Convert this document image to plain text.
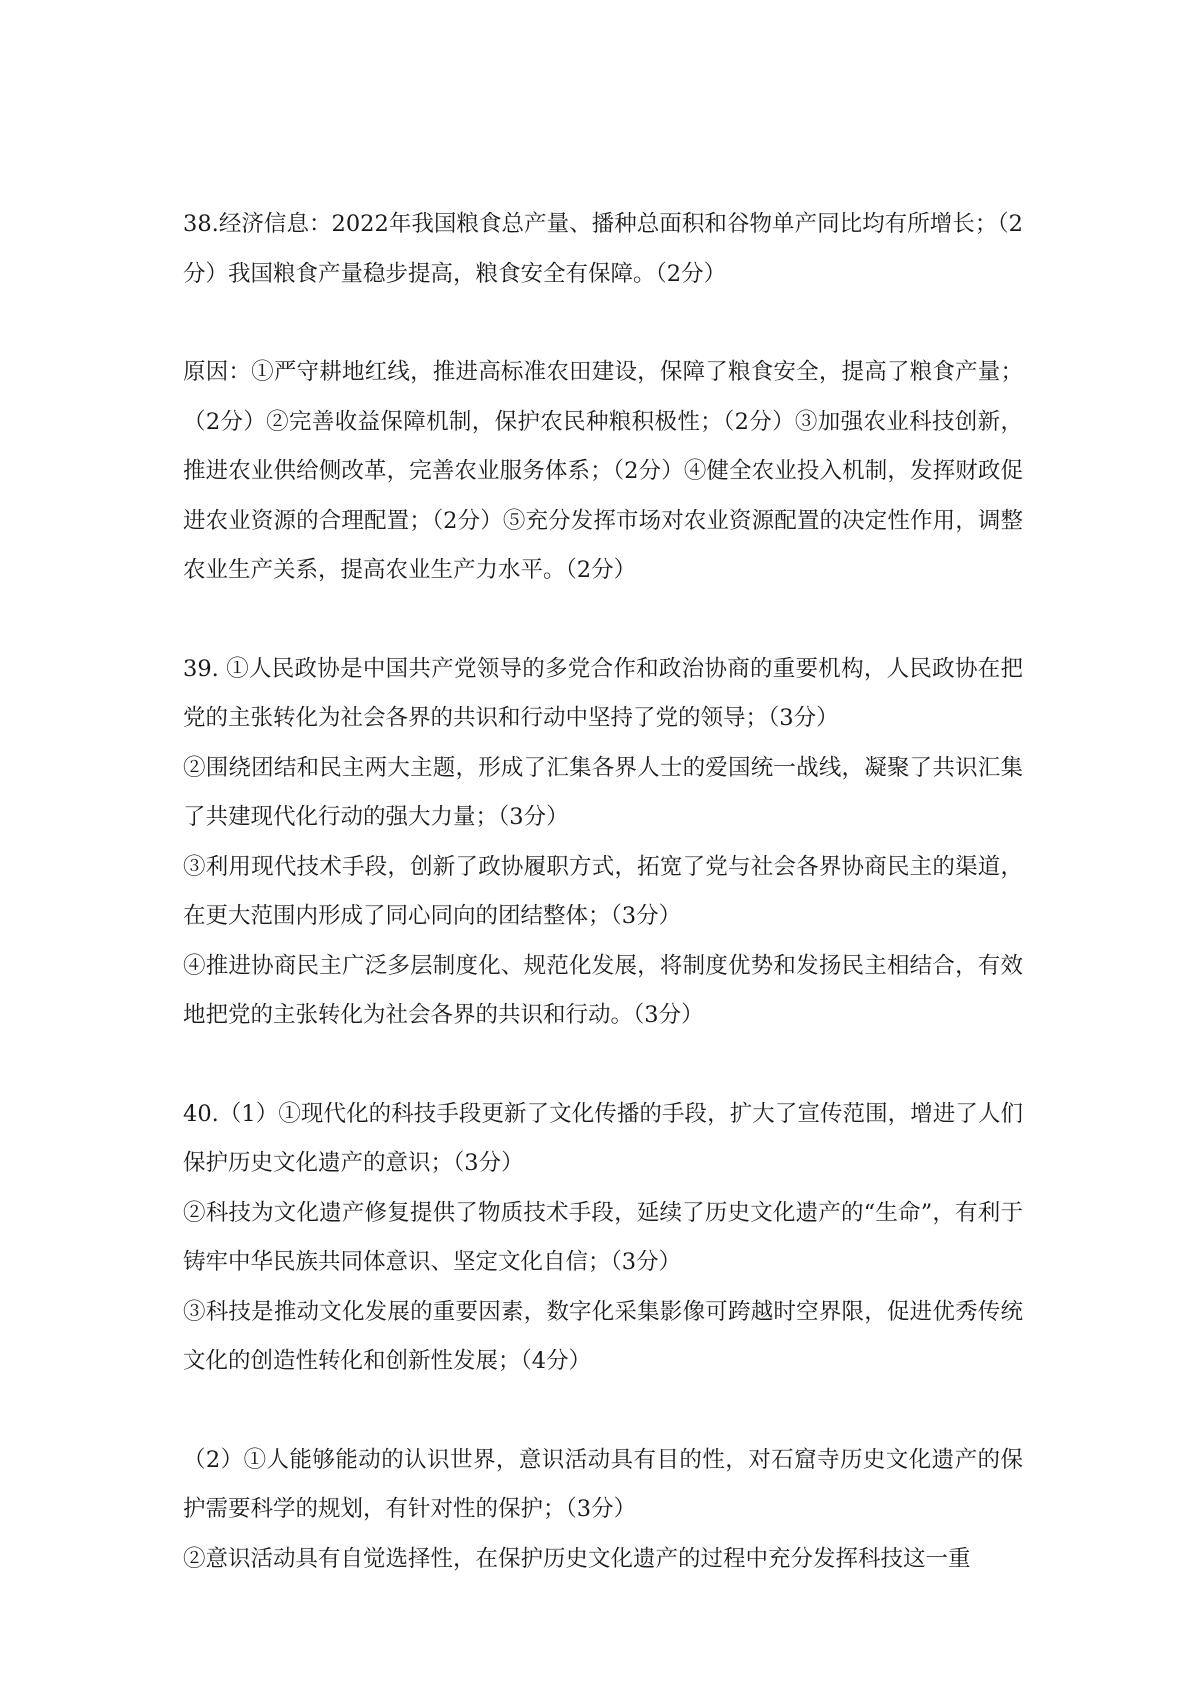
38.经济信息：2022年我国粮食总产量、播种总面积和谷物单产同比均有所增长；（2分）我国粮食产量稳步提高，粮食安全有保障。（2分）

原因：①严守耕地红线，推进高标准农田建设，保障了粮食安全，提高了粮食产量；（2分）②完善收益保障机制，保护农民种粮积极性；（2分）③加强农业科技创新，推进农业供给侧改革，完善农业服务体系；（2分）④健全农业投入机制，发挥财政促进农业资源的合理配置；（2分）⑤充分发挥市场对农业资源配置的决定性作用，调整农业生产关系，提高农业生产力水平。（2分）

39. ①人民政协是中国共产党领导的多党合作和政治协商的重要机构，人民政协在把党的主张转化为社会各界的共识和行动中坚持了党的领导；（3分）

②围绕团结和民主两大主题，形成了汇集各界人士的爱国统一战线，凝聚了共识汇集了共建现代化行动的强大力量；（3分）

③利用现代技术手段，创新了政协履职方式，拓宽了党与社会各界协商民主的渠道，在更大范围内形成了同心同向的团结整体；（3分）

④推进协商民主广泛多层制度化、规范化发展，将制度优势和发扬民主相结合，有效地把党的主张转化为社会各界的共识和行动。（3分）

40.（1）①现代化的科技手段更新了文化传播的手段，扩大了宣传范围，增进了人们保护历史文化遗产的意识；（3分）

②科技为文化遗产修复提供了物质技术手段，延续了历史文化遗产的“生命”，有利于铸牢中华民族共同体意识、坚定文化自信；（3分）

③科技是推动文化发展的重要因素，数字化采集影像可跨越时空界限，促进优秀传统文化的创造性转化和创新性发展；（4分）

（2）①人能够能动的认识世界，意识活动具有目的性，对石窟寺历史文化遗产的保护需要科学的规划，有针对性的保护；（3分）

②意识活动具有自觉选择性，在保护历史文化遗产的过程中充分发挥科技这一重
